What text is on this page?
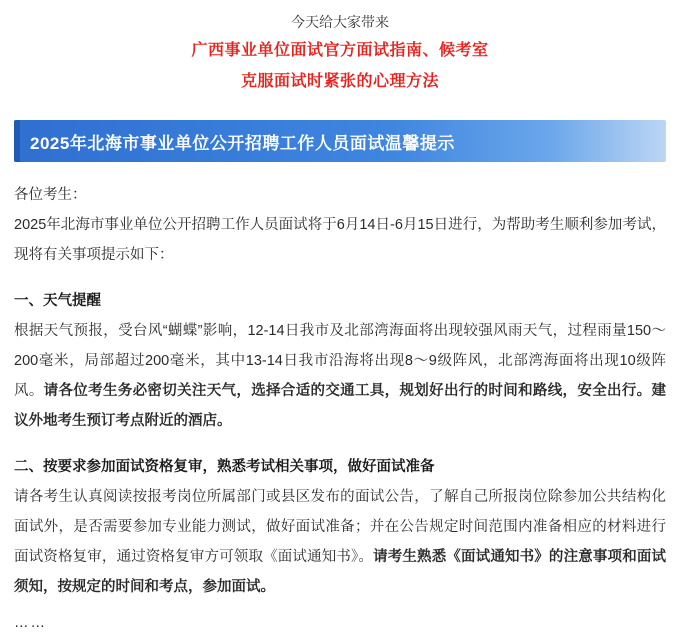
今天给大家带来
广西事业单位面试官方面试指南、候考室
克服面试时紧张的心理方法
2025年北海市事业单位公开招聘工作人员面试温馨提示

各位考生：

2025年北海市事业单位公开招聘工作人员面试将于6月14日-6月15日进行，为帮助考生顺利参加考试，现将有关事项提示如下：

一、天气提醒

根据天气预报，受台风“蝴蝶”影响，12-14日我市及北部湾海面将出现较强风雨天气，过程雨量150～200毫米，局部超过200毫米，其中13-14日我市沿海将出现8～9级阵风，北部湾海面将出现10级阵风。请各位考生务必密切关注天气，选择合适的交通工具，规划好出行的时间和路线，安全出行。建议外地考生预订考点附近的酒店。

二、按要求参加面试资格复审，熟悉考试相关事项，做好面试准备

请各考生认真阅读按报考岗位所属部门或县区发布的面试公告，了解自己所报岗位除参加公共结构化面试外，是否需要参加专业能力测试，做好面试准备；并在公告规定时间范围内准备相应的材料进行面试资格复审，通过资格复审方可领取《面试通知书》。请考生熟悉《面试通知书》的注意事项和面试须知，按规定的时间和考点，参加面试。

……
